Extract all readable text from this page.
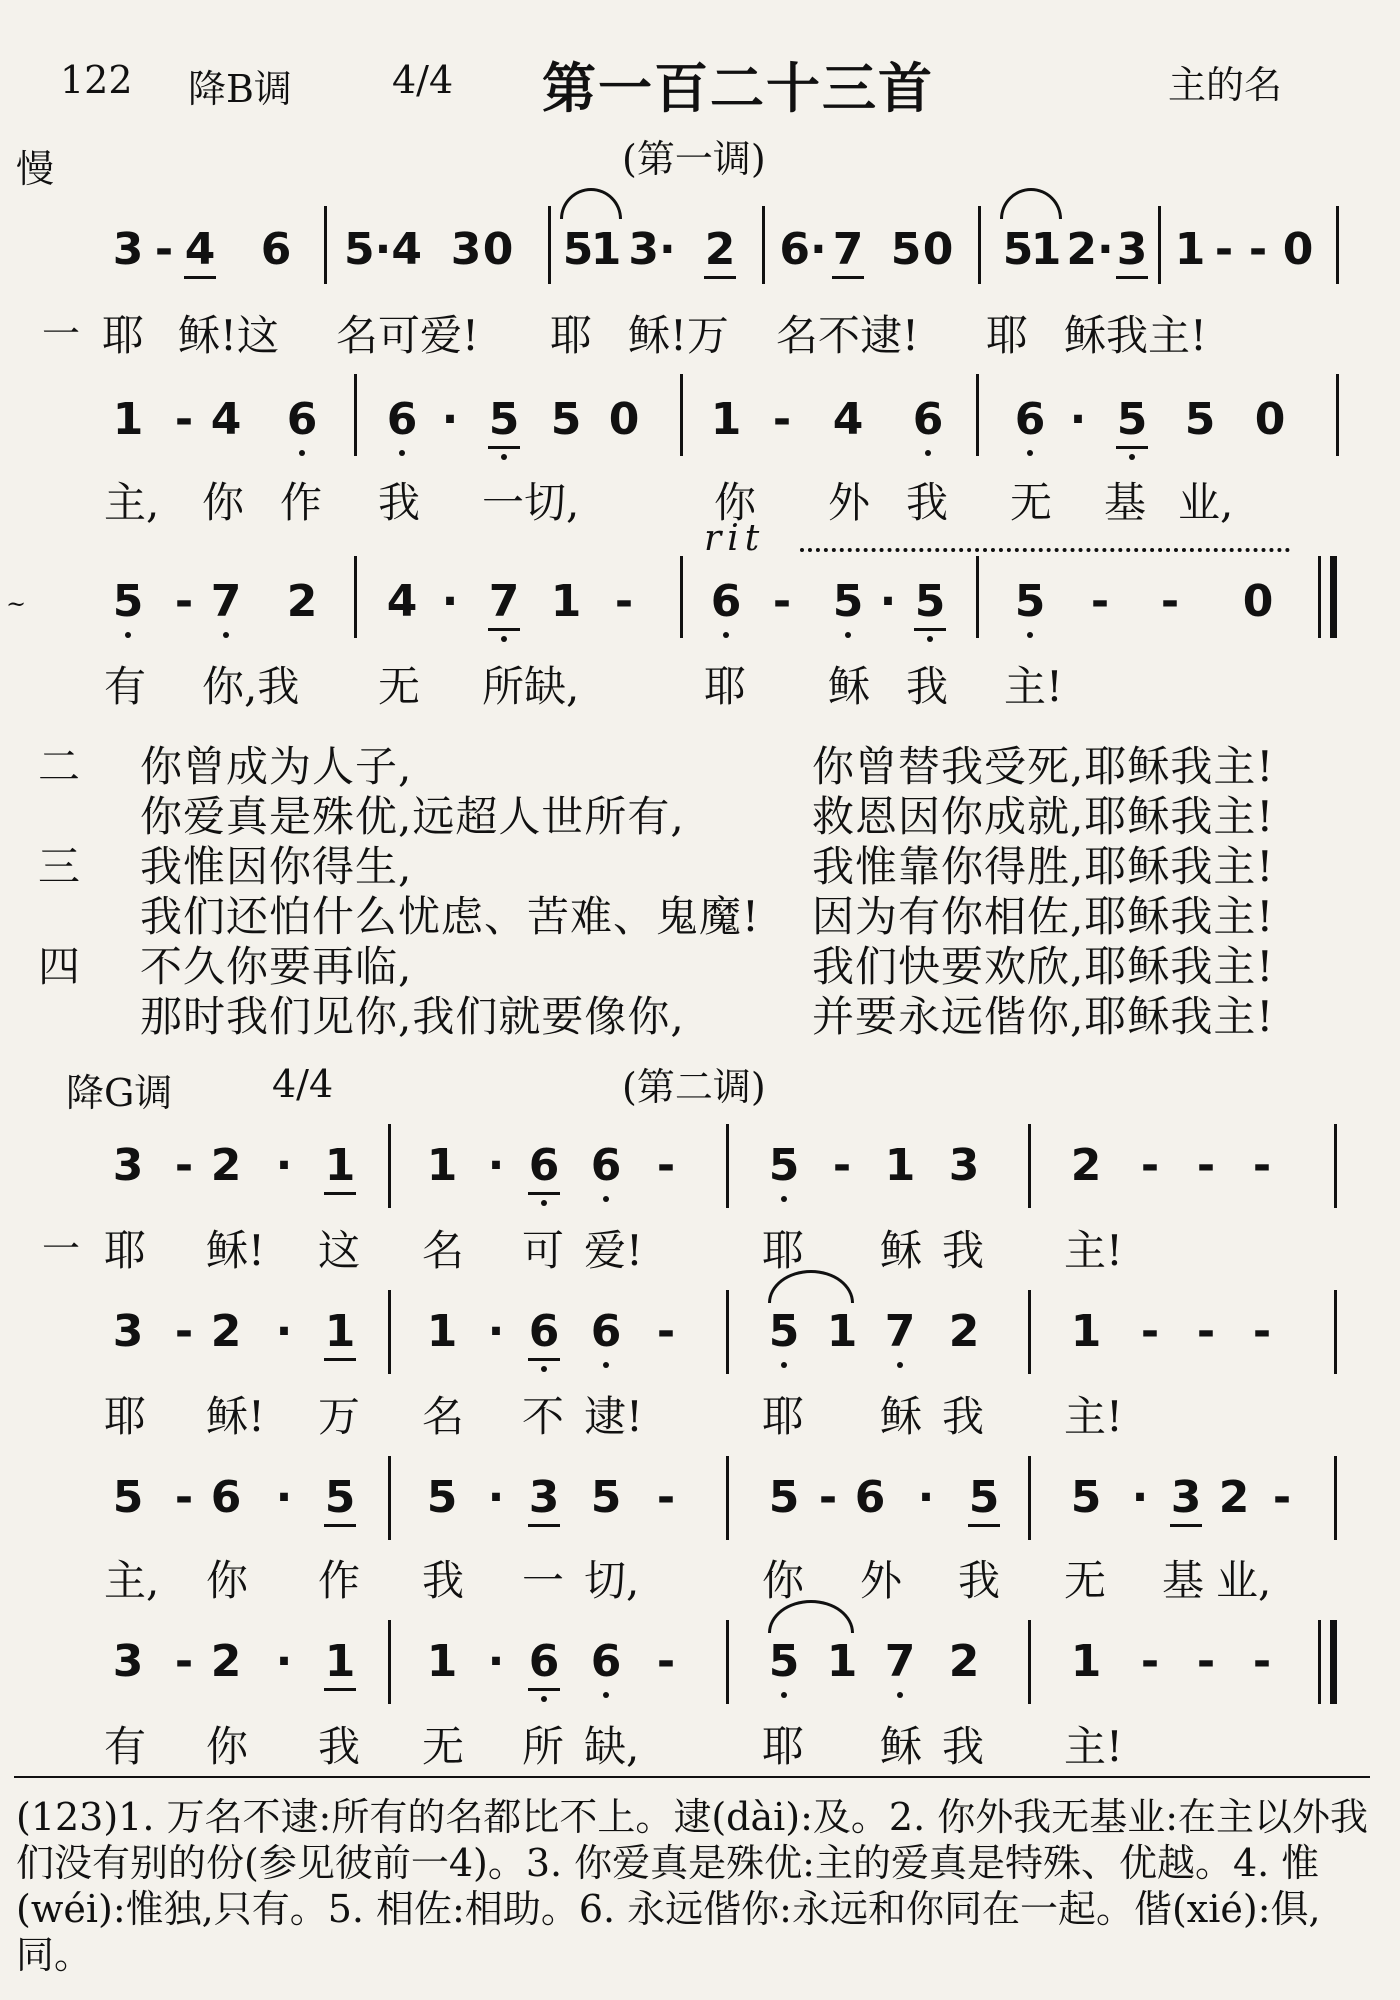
122 降B调	4/4 第一百二十三首	主的名
慢	(第一调)
一
3 - 4 6 5·4 3 0 5
1 3· 2 6· 7 5 0 5
1 2· 3 1 - - 0
耶 稣!这 名可爱! 耶 稣!万 名不逮! 耶 稣我主!
1 - 4 6 6 · 5 5 0 1 - 4 6 6 · 5 5 0
主, 你 作 我 一切,	你 外 我 无 基 业,
rit
~ 5 - 7 2 4 · 7 1 - 6 - 5 · 5 5 - - 0
有 你,我 无 所缺,	耶 稣 我 主!
二 你曾成为人子,	你曾替我受死,耶稣我主!
你爱真是殊优,远超人世所有,	救恩因你成就,耶稣我主!
三 我惟因你得生,	我惟靠你得胜,耶稣我主!
我们还怕什么忧虑、苦难、鬼魔! 因为有你相佐,耶稣我主!
四 不久你要再临,	我们快要欢欣,耶稣我主!
那时我们见你,我们就要像你,	并要永远偕你,耶稣我主!
降G调	4/4	(第二调)
一
3 - 2 · 1 1 · 6 6 - 5 - 1 3 2 - - -
耶 稣! 这 名 可 爱!	耶 稣 我 主!
3 - 2 · 1 1 · 6 6 - 5 1 7 2 1 - - -
耶 稣! 万 名 不 逮!	耶 稣 我 主!
5 - 6 · 5 5 · 3 5 - 5 - 6 · 5 5 · 3 2 -
主, 你 作 我 一 切,	你 外 我 无 基 业,
3 - 2 · 1 1 · 6 6 - 5 1 7 2 1 - - -
有 你 我 无 所 缺,	耶 稣 我 主!
(123)1. 万名不逮:所有的名都比不上。逮(dài):及。2. 你外我无基业:在主以外我们没有别的份(参见彼前一4)。3. 你爱真是殊优:主的爱真是特殊、优越。4. 惟(wéi):惟独,只有。5. 相佐:相助。6. 永远偕你:永远和你同在一起。偕(xié):俱,同。
